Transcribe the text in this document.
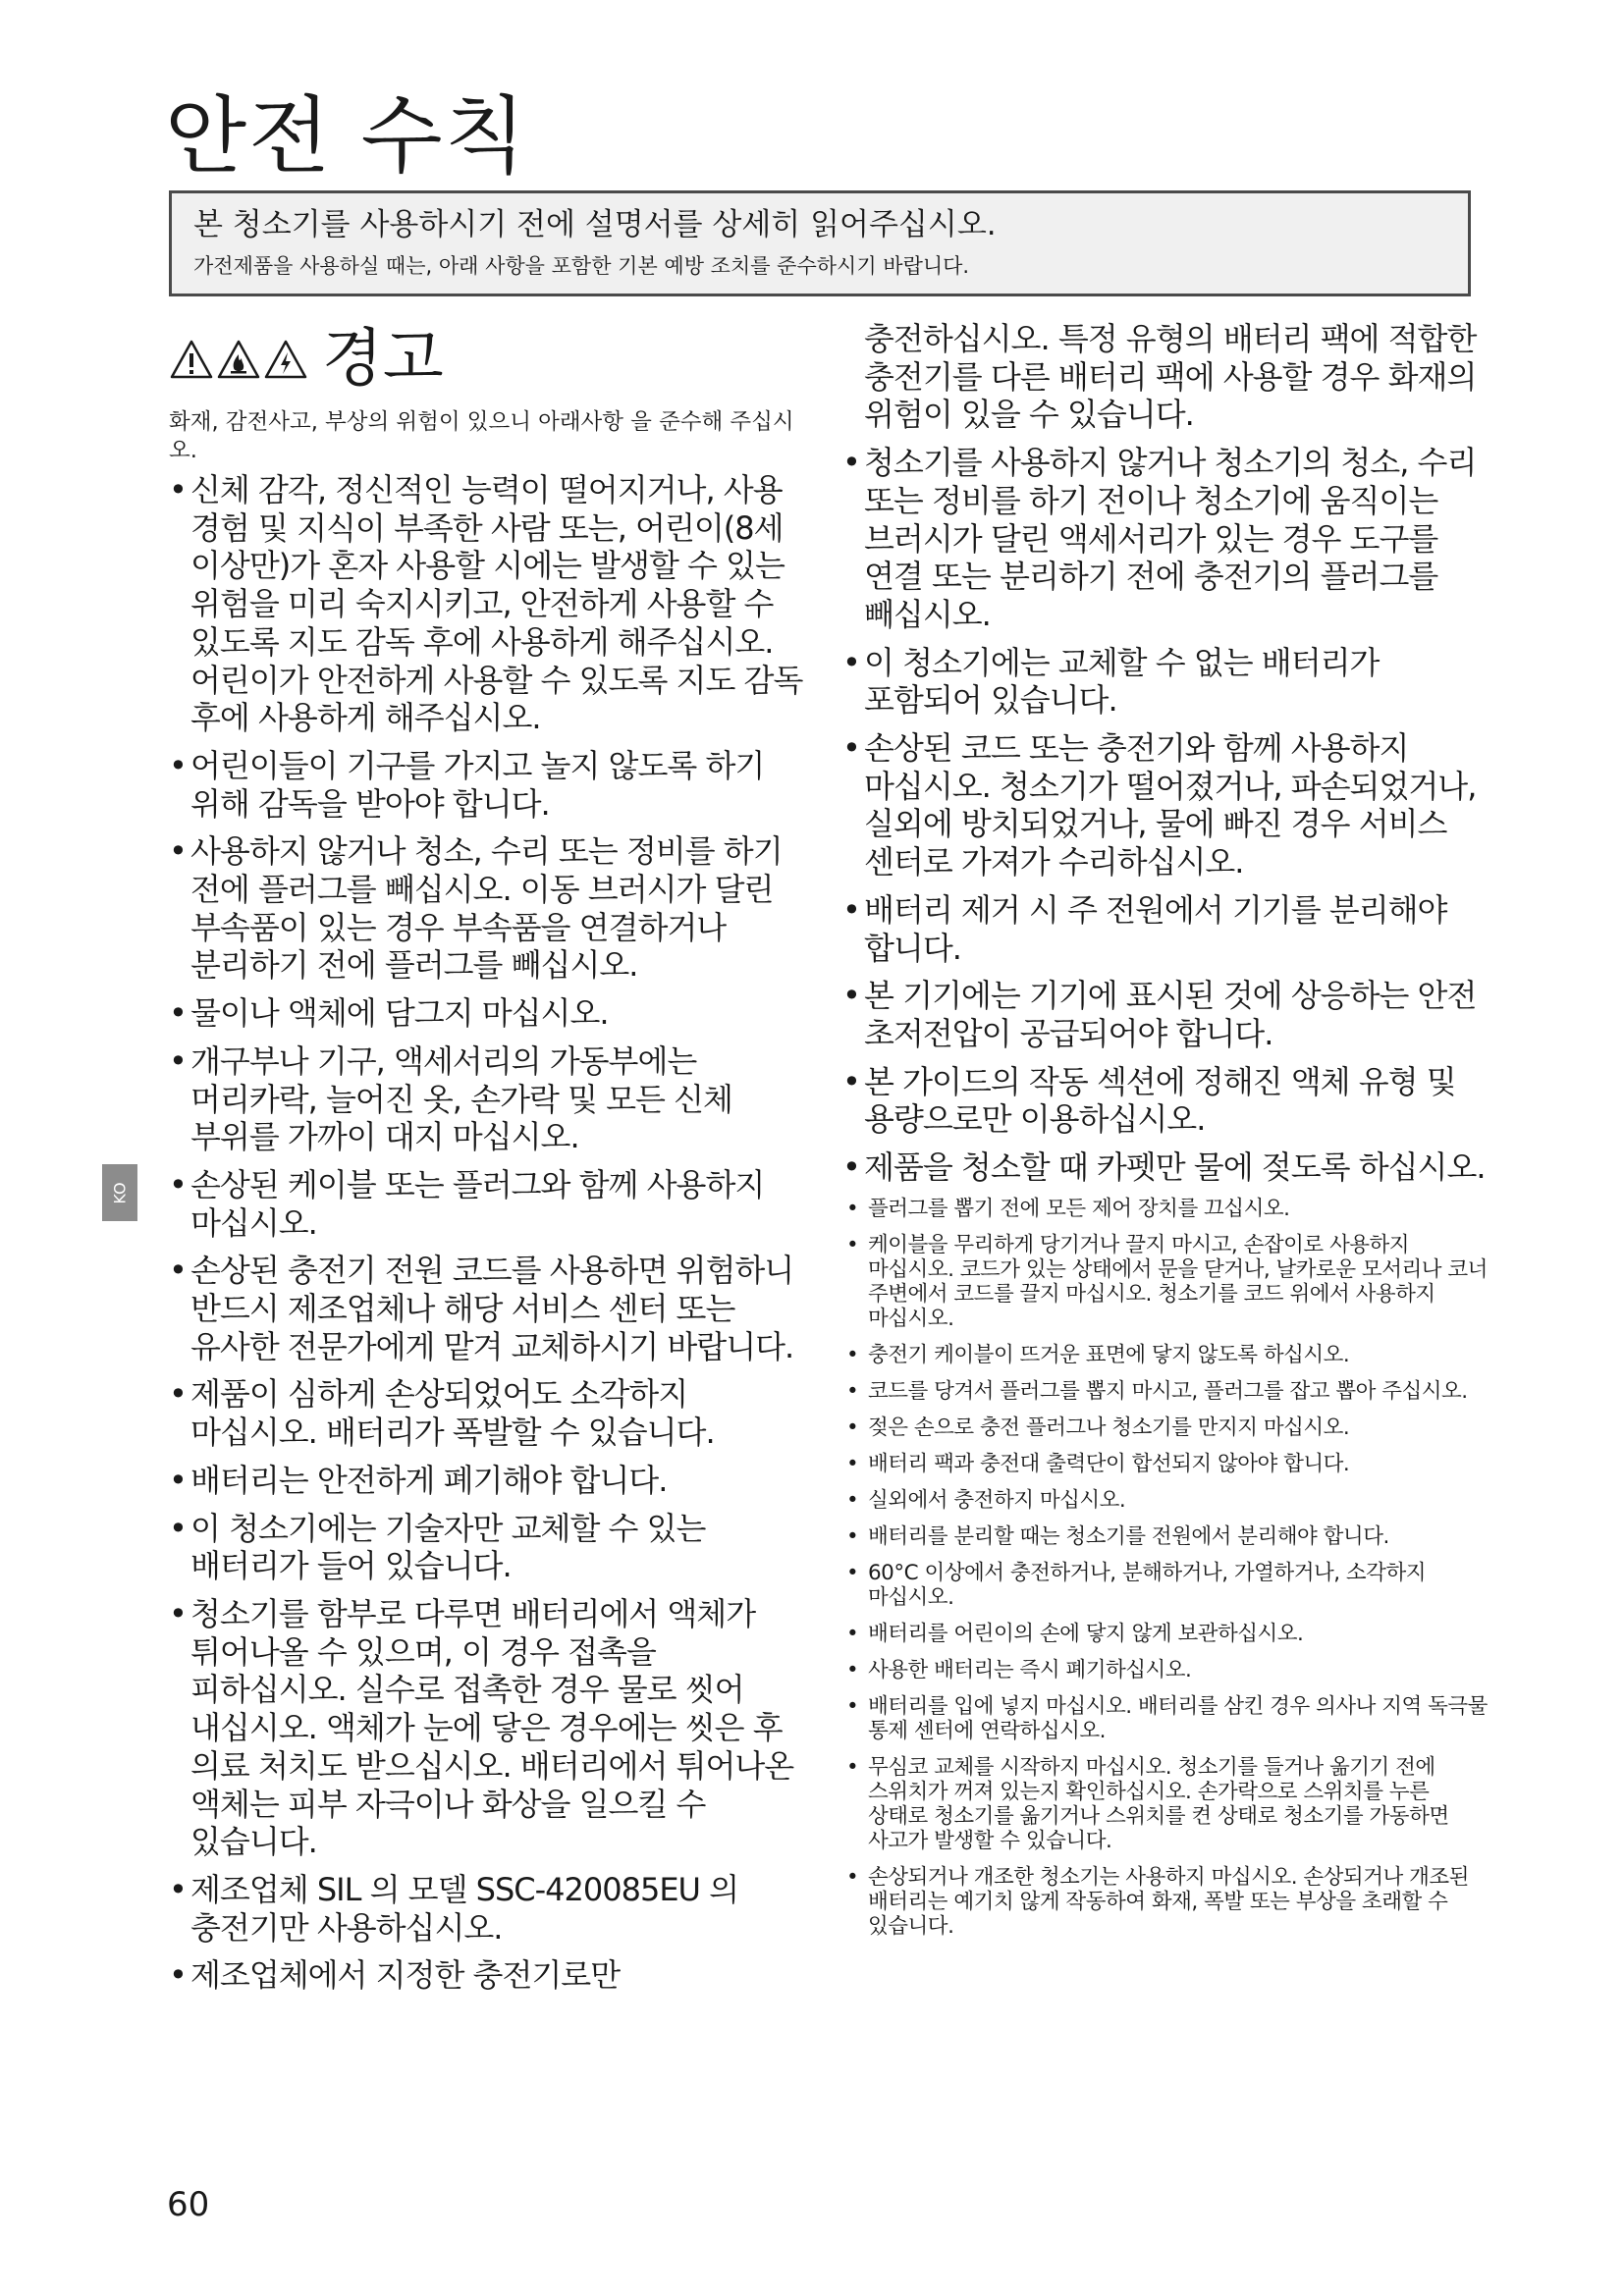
안전 수칙
본 청소기를 사용하시기 전에 설명서를 상세히 읽어주십시오.
가전제품을 사용하실 때는, 아래 사항을 포함한 기본 예방 조치를 준수하시기 바랍니다.
경고
화재, 감전사고, 부상의 위험이 있으니 아래사항 을 준수해 주십시오.
• 신체 감각, 정신적인 능력이 떨어지거나, 사용 경험 및 지식이 부족한 사람 또는, 어린이(8세 이상만)가 혼자 사용할 시에는 발생할 수 있는 위험을 미리 숙지시키고, 안전하게 사용할 수 있도록 지도 감독 후에 사용하게 해주십시오. 어린이가 안전하게 사용할 수 있도록 지도 감독 후에 사용하게 해주십시오.
• 어린이들이 기구를 가지고 놀지 않도록 하기 위해 감독을 받아야 합니다.
• 사용하지 않거나 청소, 수리 또는 정비를 하기 전에 플러그를 빼십시오. 이동 브러시가 달린 부속품이 있는 경우 부속품을 연결하거나 분리하기 전에 플러그를 빼십시오.
• 물이나 액체에 담그지 마십시오.
• 개구부나 기구, 액세서리의 가동부에는 머리카락, 늘어진 옷, 손가락 및 모든 신체 부위를 가까이 대지 마십시오.
• 손상된 케이블 또는 플러그와 함께 사용하지 마십시오.
• 손상된 충전기 전원 코드를 사용하면 위험하니 반드시 제조업체나 해당 서비스 센터 또는 유사한 전문가에게 맡겨 교체하시기 바랍니다.
• 제품이 심하게 손상되었어도 소각하지 마십시오. 배터리가 폭발할 수 있습니다.
• 배터리는 안전하게 폐기해야 합니다.
• 이 청소기에는 기술자만 교체할 수 있는 배터리가 들어 있습니다.
• 청소기를 함부로 다루면 배터리에서 액체가 튀어나올 수 있으며, 이 경우 접촉을 피하십시오. 실수로 접촉한 경우 물로 씻어 내십시오. 액체가 눈에 닿은 경우에는 씻은 후 의료 처치도 받으십시오. 배터리에서 튀어나온 액체는 피부 자극이나 화상을 일으킬 수 있습니다.
• 제조업체 SIL 의 모델 SSC-420085EU 의 충전기만 사용하십시오.
• 제조업체에서 지정한 충전기로만
충전하십시오. 특정 유형의 배터리 팩에 적합한 충전기를 다른 배터리 팩에 사용할 경우 화재의 위험이 있을 수 있습니다.
• 청소기를 사용하지 않거나 청소기의 청소, 수리 또는 정비를 하기 전이나 청소기에 움직이는 브러시가 달린 액세서리가 있는 경우 도구를 연결 또는 분리하기 전에 충전기의 플러그를 빼십시오.
• 이 청소기에는 교체할 수 없는 배터리가 포함되어 있습니다.
• 손상된 코드 또는 충전기와 함께 사용하지 마십시오. 청소기가 떨어졌거나, 파손되었거나, 실외에 방치되었거나, 물에 빠진 경우 서비스 센터로 가져가 수리하십시오.
• 배터리 제거 시 주 전원에서 기기를 분리해야 합니다.
• 본 기기에는 기기에 표시된 것에 상응하는 안전 초저전압이 공급되어야 합니다.
• 본 가이드의 작동 섹션에 정해진 액체 유형 및 용량으로만 이용하십시오.
• 제품을 청소할 때 카펫만 물에 젖도록 하십시오.
• 플러그를 뽑기 전에 모든 제어 장치를 끄십시오.
• 케이블을 무리하게 당기거나 끌지 마시고, 손잡이로 사용하지 마십시오. 코드가 있는 상태에서 문을 닫거나, 날카로운 모서리나 코너 주변에서 코드를 끌지 마십시오. 청소기를 코드 위에서 사용하지 마십시오.
• 충전기 케이블이 뜨거운 표면에 닿지 않도록 하십시오.
• 코드를 당겨서 플러그를 뽑지 마시고, 플러그를 잡고 뽑아 주십시오.
• 젖은 손으로 충전 플러그나 청소기를 만지지 마십시오.
• 배터리 팩과 충전대 출력단이 합선되지 않아야 합니다.
• 실외에서 충전하지 마십시오.
• 배터리를 분리할 때는 청소기를 전원에서 분리해야 합니다.
• 60°C 이상에서 충전하거나, 분해하거나, 가열하거나, 소각하지 마십시오.
• 배터리를 어린이의 손에 닿지 않게 보관하십시오.
• 사용한 배터리는 즉시 폐기하십시오.
• 배터리를 입에 넣지 마십시오. 배터리를 삼킨 경우 의사나 지역 독극물 통제 센터에 연락하십시오.
• 무심코 교체를 시작하지 마십시오. 청소기를 들거나 옮기기 전에 스위치가 꺼져 있는지 확인하십시오. 손가락으로 스위치를 누른 상태로 청소기를 옮기거나 스위치를 켠 상태로 청소기를 가동하면 사고가 발생할 수 있습니다.
• 손상되거나 개조한 청소기는 사용하지 마십시오. 손상되거나 개조된 배터리는 예기치 않게 작동하여 화재, 폭발 또는 부상을 초래할 수 있습니다.
KO
60
